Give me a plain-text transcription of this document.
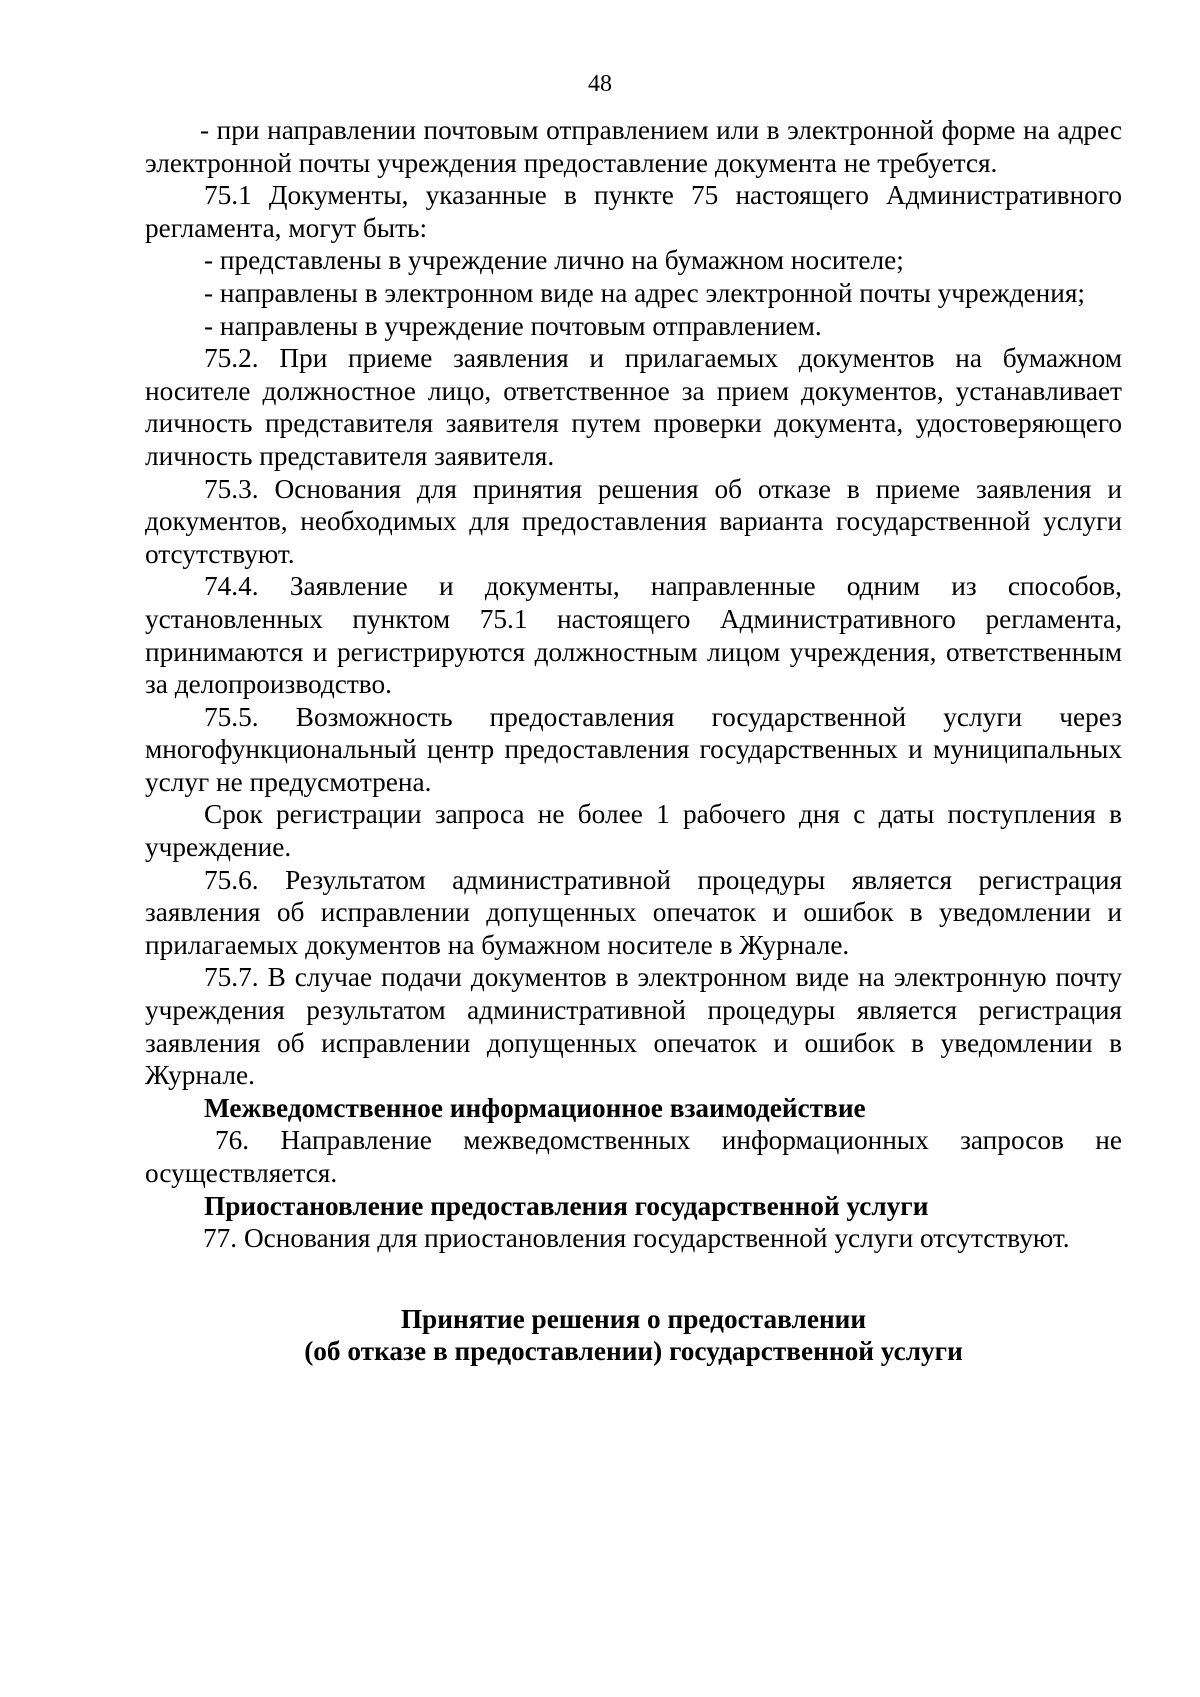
48

- при направлении почтовым отправлением или в электронной форме на адрес электронной почты учреждения предоставление документа не требуется.

75.1 Документы, указанные в пункте 75 настоящего Административного регламента, могут быть:

- представлены в учреждение лично на бумажном носителе;

- направлены в электронном виде на адрес электронной почты учреждения;

- направлены в учреждение почтовым отправлением.

75.2. При приеме заявления и прилагаемых документов на бумажном носителе должностное лицо, ответственное за прием документов, устанавливает личность представителя заявителя путем проверки документа, удостоверяющего личность представителя заявителя.

75.3. Основания для принятия решения об отказе в приеме заявления и документов, необходимых для предоставления варианта государственной услуги отсутствуют.

74.4. Заявление и документы, направленные одним из способов, установленных пунктом 75.1 настоящего Административного регламента, принимаются и регистрируются должностным лицом учреждения, ответственным за делопроизводство.

75.5. Возможность предоставления государственной услуги через многофункциональный центр предоставления государственных и муниципальных услуг не предусмотрена.

Срок регистрации запроса не более 1 рабочего дня с даты поступления в учреждение.

75.6. Результатом административной процедуры является регистрация заявления об исправлении допущенных опечаток и ошибок в уведомлении и прилагаемых документов на бумажном носителе в Журнале.

75.7. В случае подачи документов в электронном виде на электронную почту учреждения результатом административной процедуры является регистрация заявления об исправлении допущенных опечаток и ошибок в уведомлении в Журнале.

Межведомственное информационное взаимодействие

76. Направление межведомственных информационных запросов не осуществляется.

Приостановление предоставления государственной услуги

77. Основания для приостановления государственной услуги отсутствуют.

Принятие решения о предоставлении
(об отказе в предоставлении) государственной услуги
